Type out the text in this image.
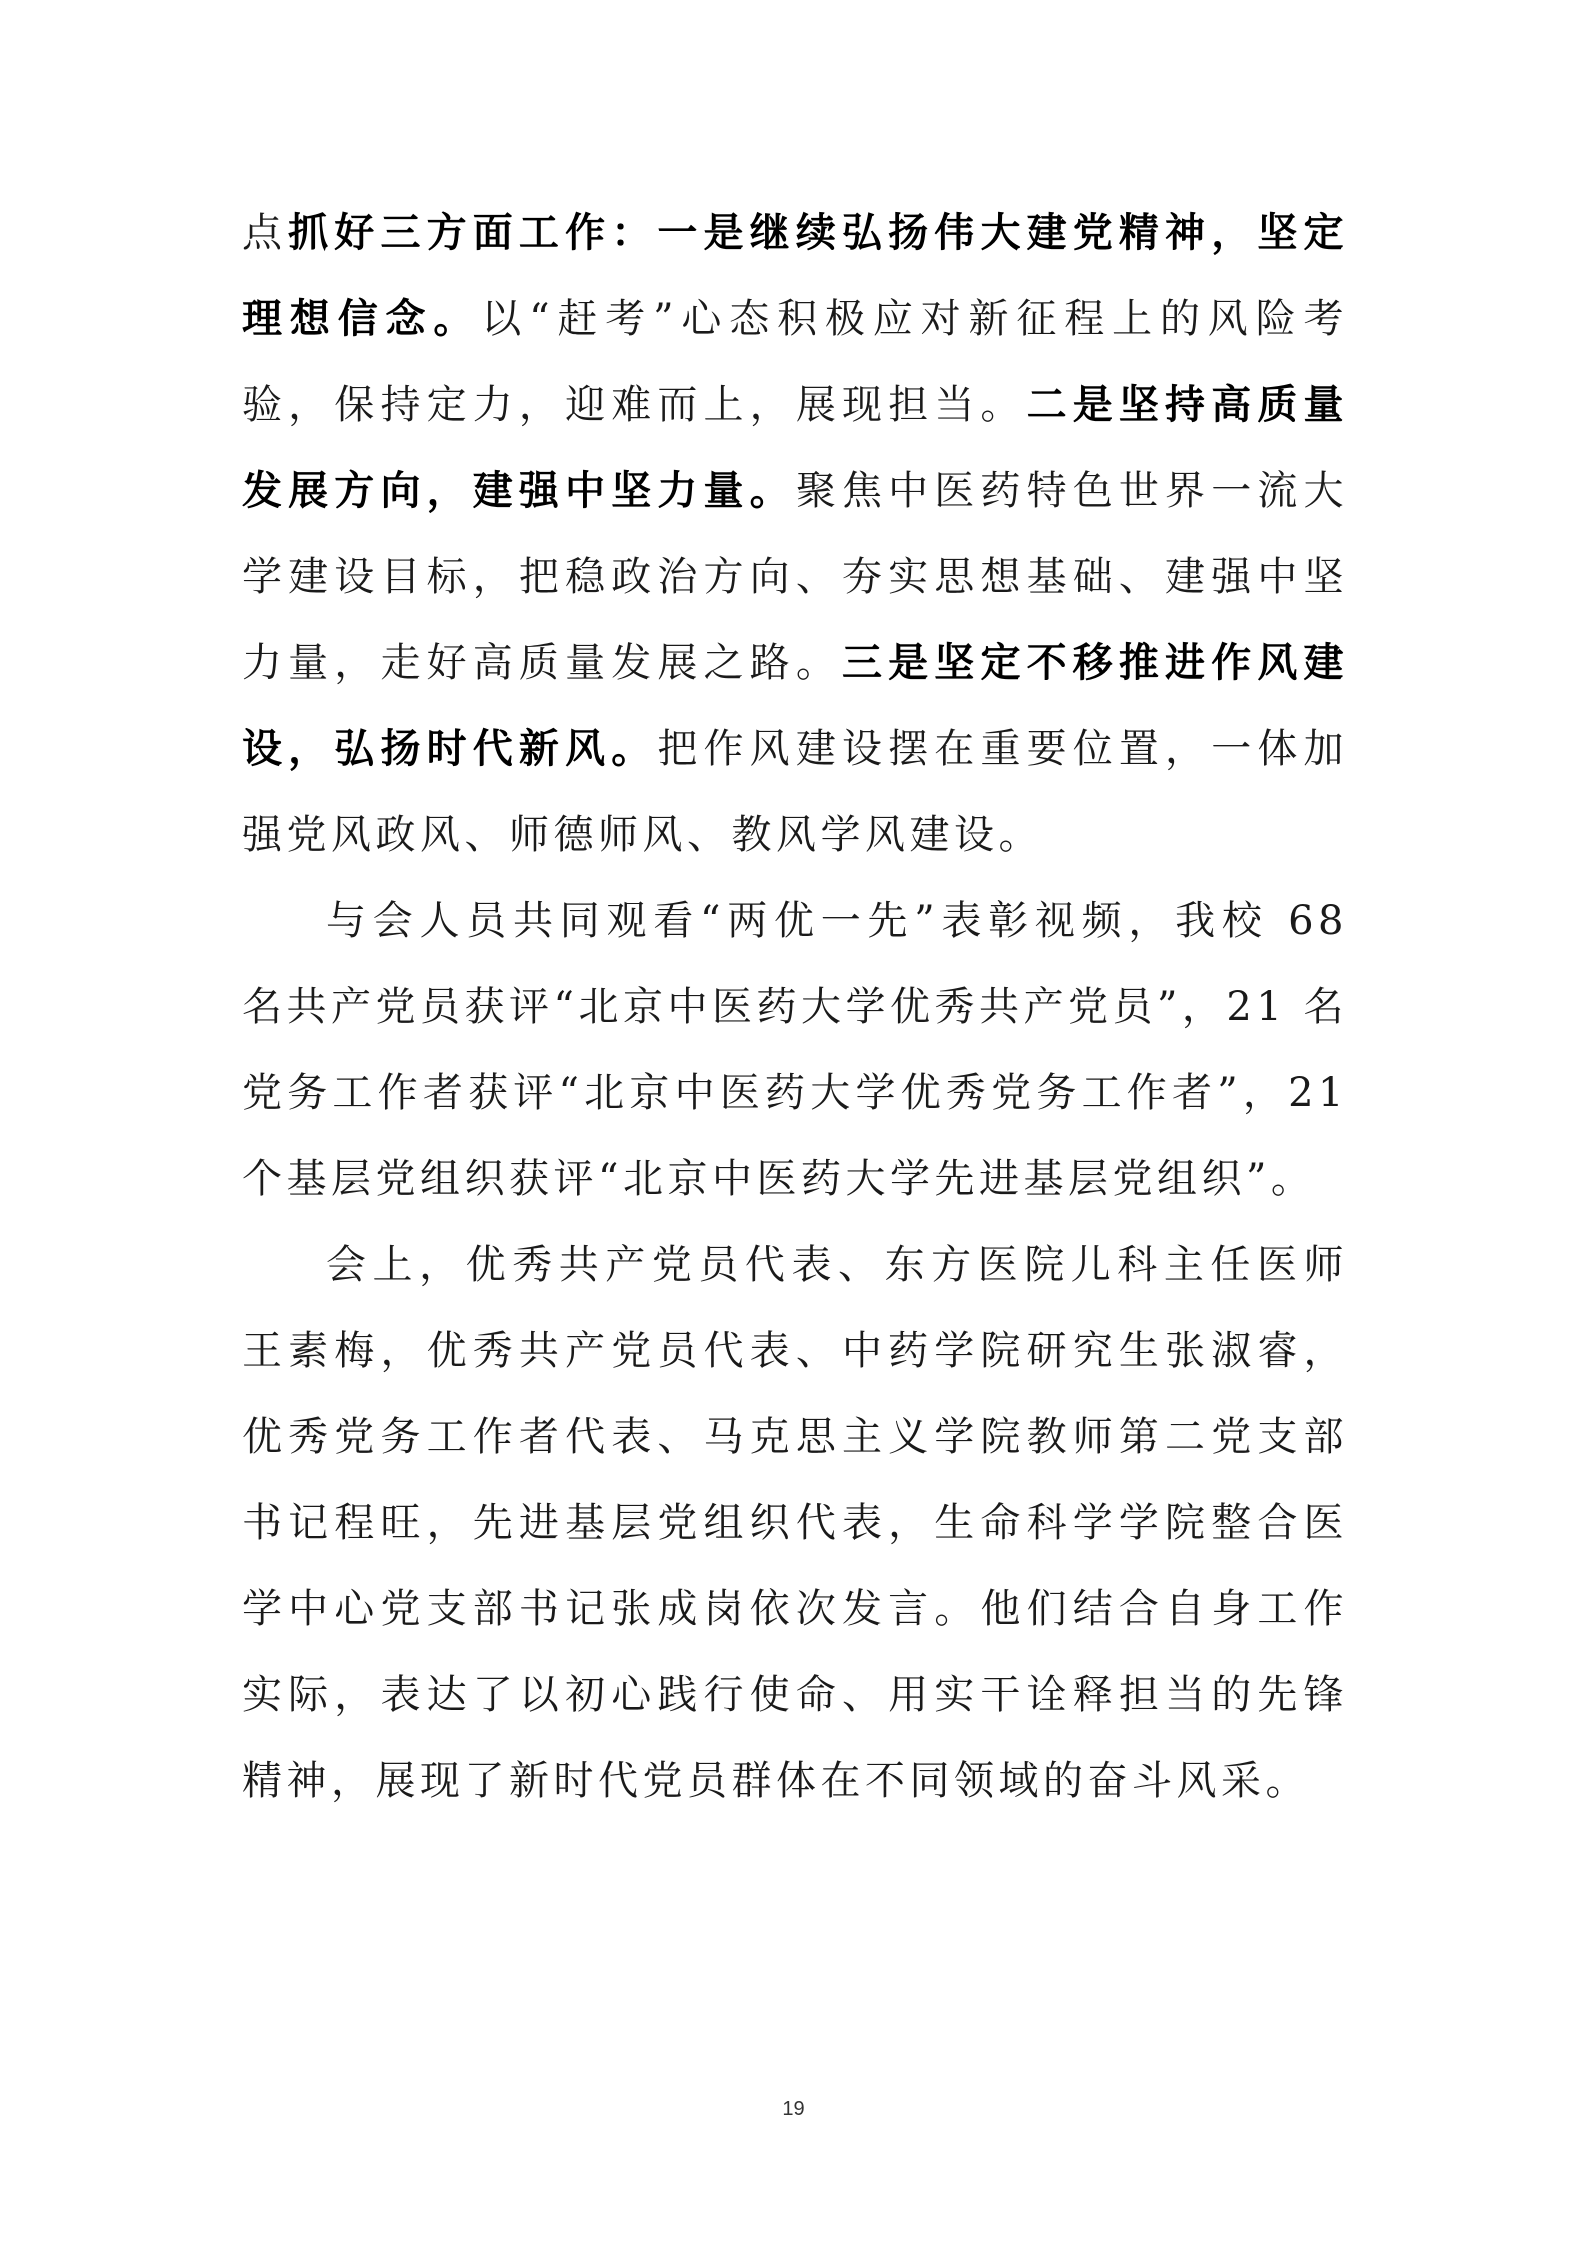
点抓好三方面工作：一是继续弘扬伟大建党精神，坚定理想信念。以“赶考”心态积极应对新征程上的风险考验，保持定力，迎难而上，展现担当。二是坚持高质量发展方向，建强中坚力量。聚焦中医药特色世界一流大学建设目标，把稳政治方向、夯实思想基础、建强中坚力量，走好高质量发展之路。三是坚定不移推进作风建设，弘扬时代新风。把作风建设摆在重要位置，一体加强党风政风、师德师风、教风学风建设。

与会人员共同观看“两优一先”表彰视频，我校 68 名共产党员获评“北京中医药大学优秀共产党员”，21 名党务工作者获评“北京中医药大学优秀党务工作者”，21 个基层党组织获评“北京中医药大学先进基层党组织”。

会上，优秀共产党员代表、东方医院儿科主任医师王素梅，优秀共产党员代表、中药学院研究生张淑睿，优秀党务工作者代表、马克思主义学院教师第二党支部书记程旺，先进基层党组织代表，生命科学学院整合医学中心党支部书记张成岗依次发言。他们结合自身工作实际，表达了以初心践行使命、用实干诠释担当的先锋精神，展现了新时代党员群体在不同领域的奋斗风采。

19
